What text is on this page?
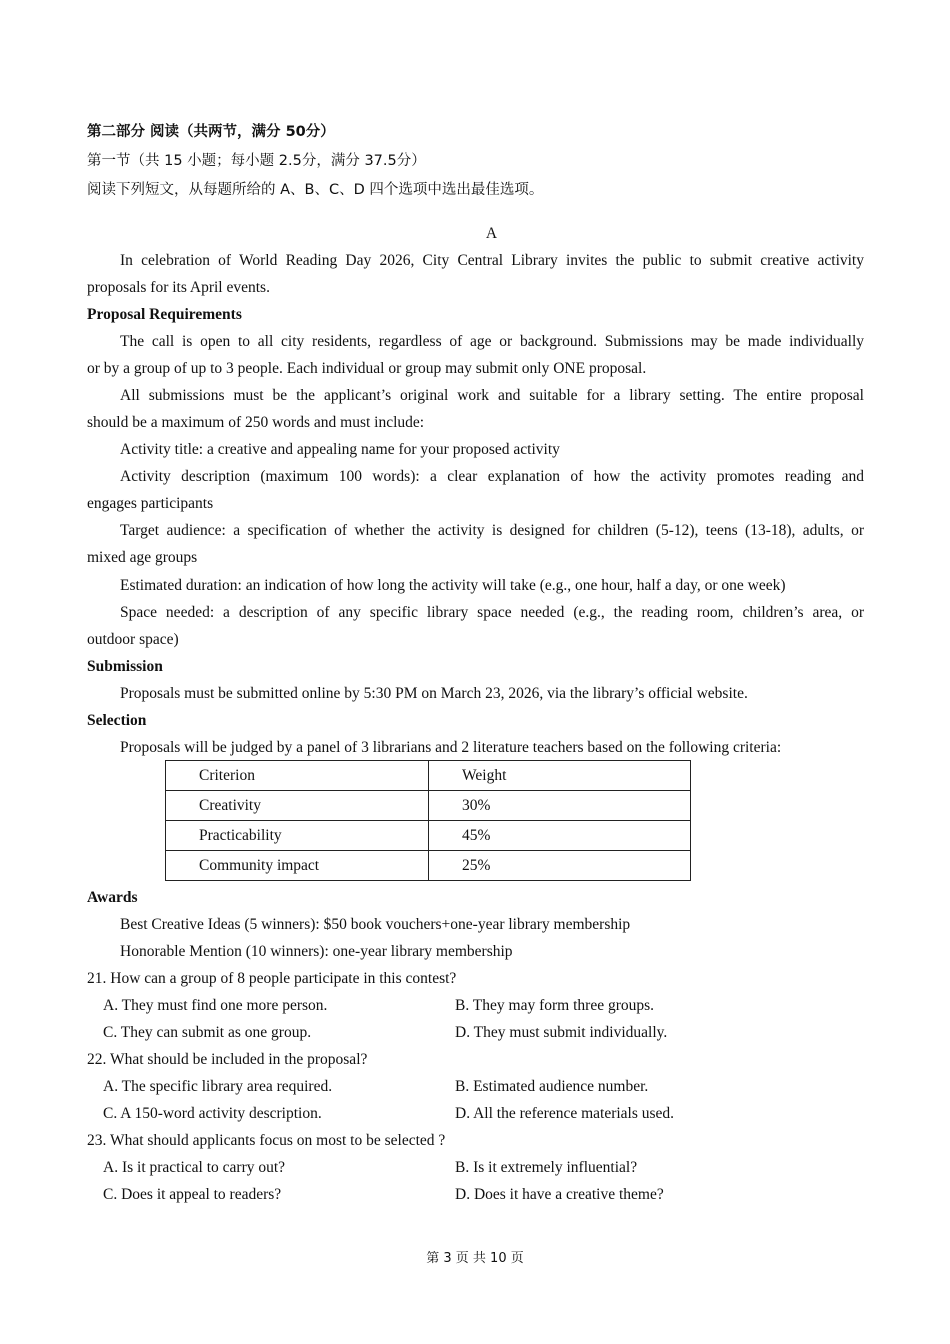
第二部分 阅读（共两节，满分 50分）
第一节（共 15 小题；每小题 2.5分，满分 37.5分）
阅读下列短文，从每题所给的 A、B、C、D 四个选项中选出最佳选项。
A
In celebration of World Reading Day 2026, City Central Library invites the public to submit creative activity
proposals for its April events.
Proposal Requirements
The call is open to all city residents, regardless of age or background. Submissions may be made individually
or by a group of up to 3 people. Each individual or group may submit only ONE proposal.
All submissions must be the applicant’s original work and suitable for a library setting. The entire proposal
should be a maximum of 250 words and must include:
Activity title: a creative and appealing name for your proposed activity
Activity description (maximum 100 words): a clear explanation of how the activity promotes reading and
engages participants
Target audience: a specification of whether the activity is designed for children (5-12), teens (13-18), adults, or
mixed age groups
Estimated duration: an indication of how long the activity will take (e.g., one hour, half a day, or one week)
Space needed: a description of any specific library space needed (e.g., the reading room, children’s area, or
outdoor space)
Submission
Proposals must be submitted online by 5:30 PM on March 23, 2026, via the library’s official website.
Selection
Proposals will be judged by a panel of 3 librarians and 2 literature teachers based on the following criteria:
Criterion	Weight
Creativity	30%
Practicability	45%
Community impact	25%
Awards
Best Creative Ideas (5 winners): $50 book vouchers+one-year library membership
Honorable Mention (10 winners): one-year library membership
21. How can a group of 8 people participate in this contest?
A. They must find one more person.	B. They may form three groups.
C. They can submit as one group.	D. They must submit individually.
22. What should be included in the proposal?
A. The specific library area required.	B. Estimated audience number.
C. A 150-word activity description.	D. All the reference materials used.
23. What should applicants focus on most to be selected ?
A. Is it practical to carry out?	B. Is it extremely influential?
C. Does it appeal to readers?	D. Does it have a creative theme?
第 3 页 共 10 页
